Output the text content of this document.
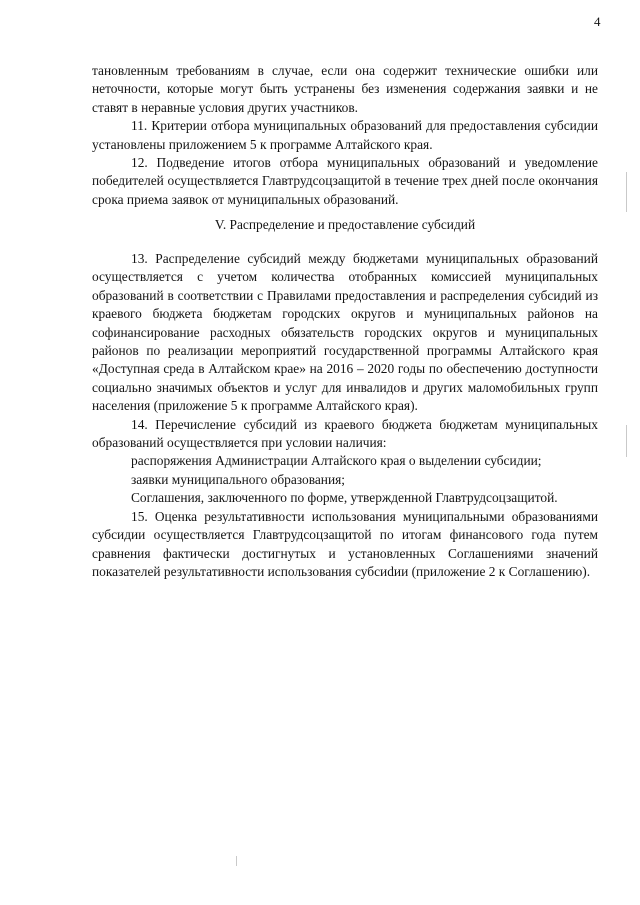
4

тановленным требованиям в случае, если она содержит технические ошибки или неточности, которые могут быть устранены без изменения содержания заявки и не ставят в неравные условия других участников.

11. Критерии отбора муниципальных образований для предоставления субсидии установлены приложением 5 к программе Алтайского края.

12. Подведение итогов отбора муниципальных образований и уведомление победителей осуществляется Главтрудсоцзащитой в течение трех дней после окончания срока приема заявок от муниципальных образований.

V. Распределение и предоставление субсидий

13. Распределение субсидий между бюджетами муниципальных образований осуществляется с учетом количества отобранных комиссией муниципальных образований в соответствии с Правилами предоставления и распределения субсидий из краевого бюджета бюджетам городских округов и муниципальных районов на софинансирование расходных обязательств городских округов и муниципальных районов по реализации мероприятий государственной программы Алтайского края «Доступная среда в Алтайском крае» на 2016 – 2020 годы по обеспечению доступности социально значимых объектов и услуг для инвалидов и других маломобильных групп населения (приложение 5 к программе Алтайского края).

14. Перечисление субсидий из краевого бюджета бюджетам муниципальных образований осуществляется при условии наличия:

распоряжения Администрации Алтайского края о выделении субсидии;

заявки муниципального образования;

Соглашения, заключенного по форме, утвержденной Главтрудсоцзащитой.

15. Оценка результативности использования муниципальными образованиями субсидии осуществляется Главтрудсоцзащитой по итогам финансового года путем сравнения фактически достигнутых и установленных Соглашениями значений показателей результативности использования субсиdии (приложение 2 к Соглашению).
